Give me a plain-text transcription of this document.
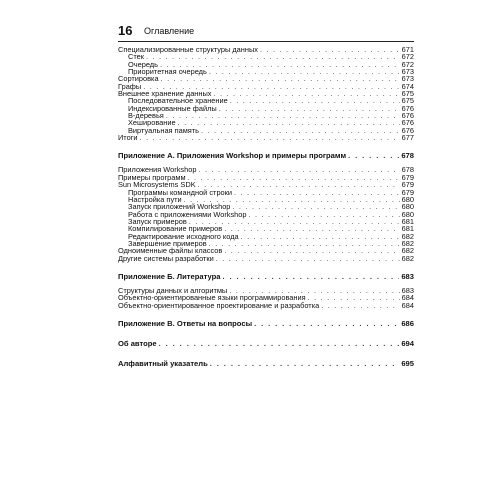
16 Оглавление
Специализированные структуры данных . . .	671
Стек . . .	672
Очередь . . .	672
Приоритетная очередь . . .	673
Сортировка . . .	673
Графы . . .	674
Внешнее хранение данных . . .	675
Последовательное хранение . . .	675
Индексированные файлы . . .	676
B-деревья . . .	676
Хеширование . . .	676
Виртуальная память . . .	676
Итоги . . .	677
Приложение А. Приложения Workshop и примеры программ . . .	678
Приложения Workshop . . .	678
Примеры программ . . .	679
Sun Microsystems SDK . . .	679
Программы командной строки . . .	679
Настройка пути . . .	680
Запуск приложений Workshop . . .	680
Работа с приложениями Workshop . . .	680
Запуск примеров . . .	681
Компилирование примеров . . .	681
Редактирование исходного кода . . .	682
Завершение примеров . . .	682
Одноименные файлы классов . . .	682
Другие системы разработки . . .	682
Приложение Б. Литература . . .	683
Структуры данных и алгоритмы . . .	683
Объектно-ориентированные языки программирования . . .	684
Объектно-ориентированное проектирование и разработка . . .	684
Приложение В. Ответы на вопросы . . .	686
Об авторе . . .	694
Алфавитный указатель . . .	695
